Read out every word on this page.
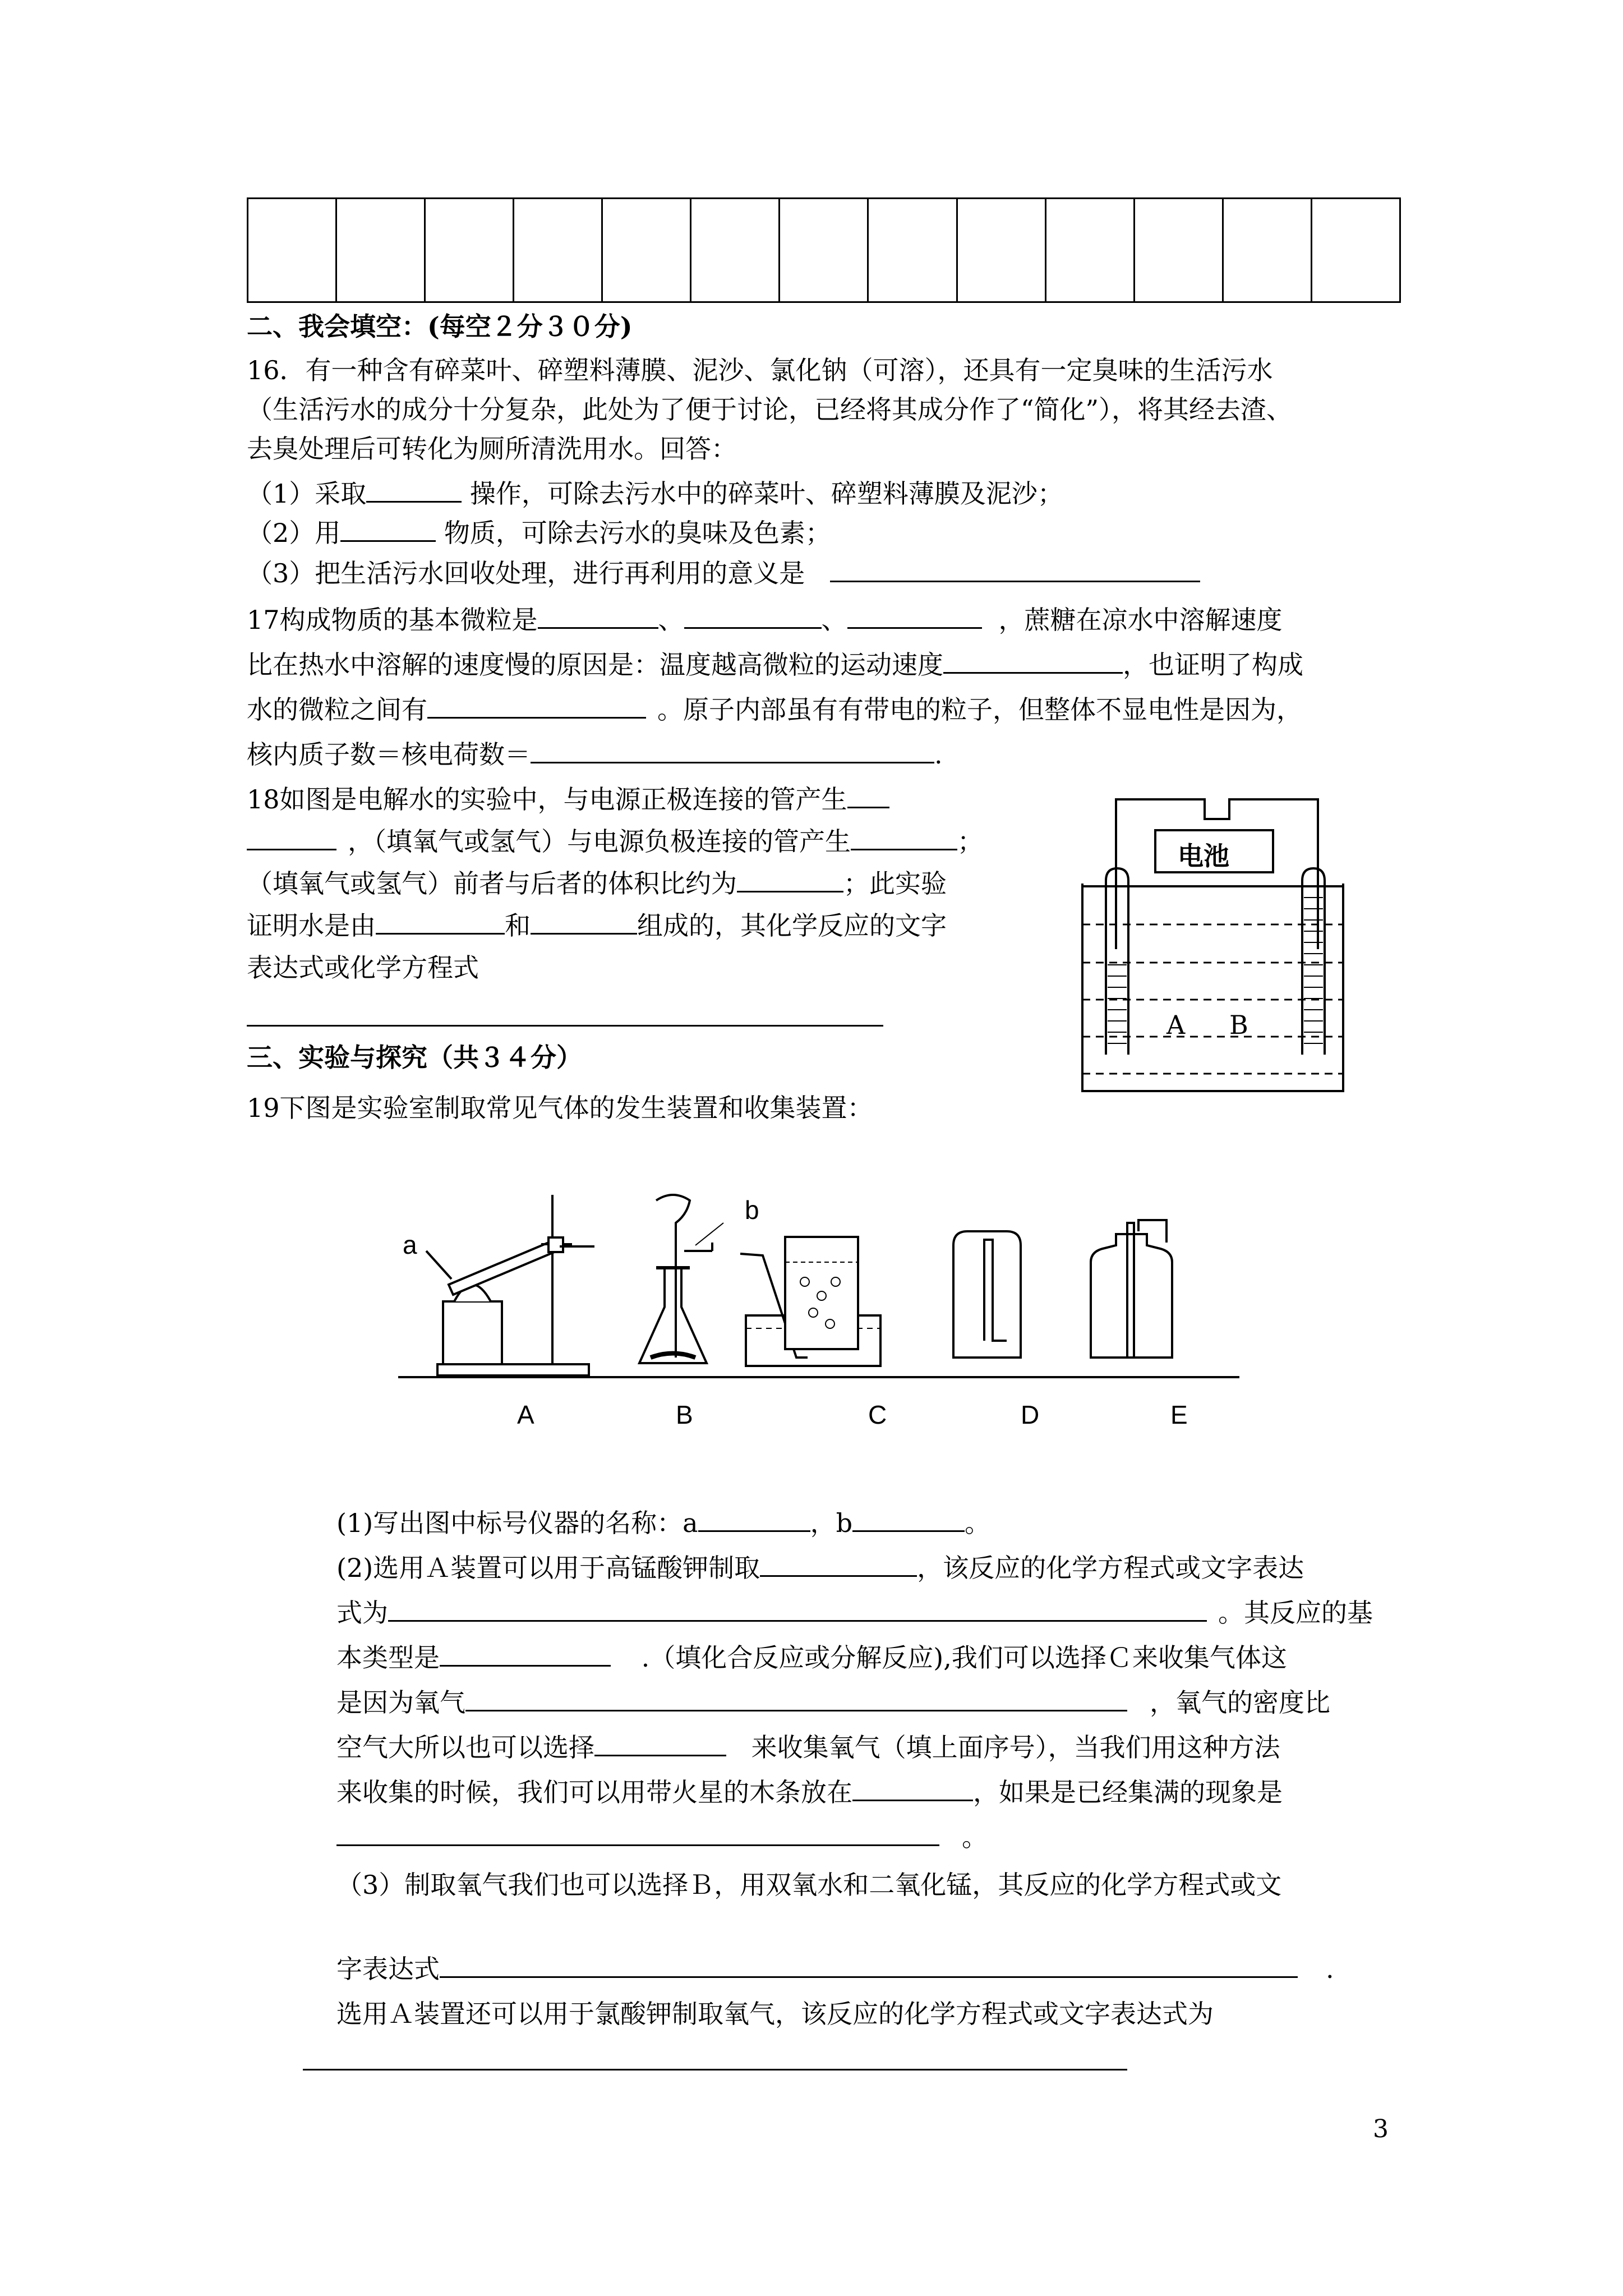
二、我会填空：(每空２分３０分)
16．有一种含有碎菜叶、碎塑料薄膜、泥沙、氯化钠（可溶），还具有一定臭味的生活污水
（生活污水的成分十分复杂，此处为了便于讨论，已经将其成分作了“简化”），将其经去渣、
去臭处理后可转化为厕所清洗用水。回答：
（1）采取	操作，可除去污水中的碎菜叶、碎塑料薄膜及泥沙；
（2）用	物质，可除去污水的臭味及色素；
（3）把生活污水回收处理，进行再利用的意义是
17构成物质的基本微粒是	、	、	，蔗糖在凉水中溶解速度
比在热水中溶解的速度慢的原因是：温度越高微粒的运动速度	，也证明了构成
水的微粒之间有	。原子内部虽有有带电的粒子，但整体不显电性是因为，
核内质子数＝核电荷数＝	.
18如图是电解水的实验中，与电源正极连接的管产生
，（填氧气或氢气）与电源负极连接的管产生	；
（填氧气或氢气）前者与后者的体积比约为	；此实验
证明水是由	和	组成的，其化学反应的文字
表达式或化学方程式
电池
A B
三、实验与探究（共３４分）
19下图是实验室制取常见气体的发生装置和收集装置：
a
b
A	B	C	D	E
(1)写出图中标号仪器的名称：a	，b	。
(2)选用Ａ装置可以用于高锰酸钾制取	，该反应的化学方程式或文字表达
式为	。其反应的基
本类型是	.（填化合反应或分解反应),我们可以选择Ｃ来收集气体这
是因为氧气	，氧气的密度比
空气大所以也可以选择	来收集氧气（填上面序号），当我们用这种方法
来收集的时候，我们可以用带火星的木条放在	，如果是已经集满的现象是
。
（3）制取氧气我们也可以选择Ｂ，用双氧水和二氧化锰，其反应的化学方程式或文
字表达式	.
选用Ａ装置还可以用于氯酸钾制取氧气，该反应的化学方程式或文字表达式为
3
